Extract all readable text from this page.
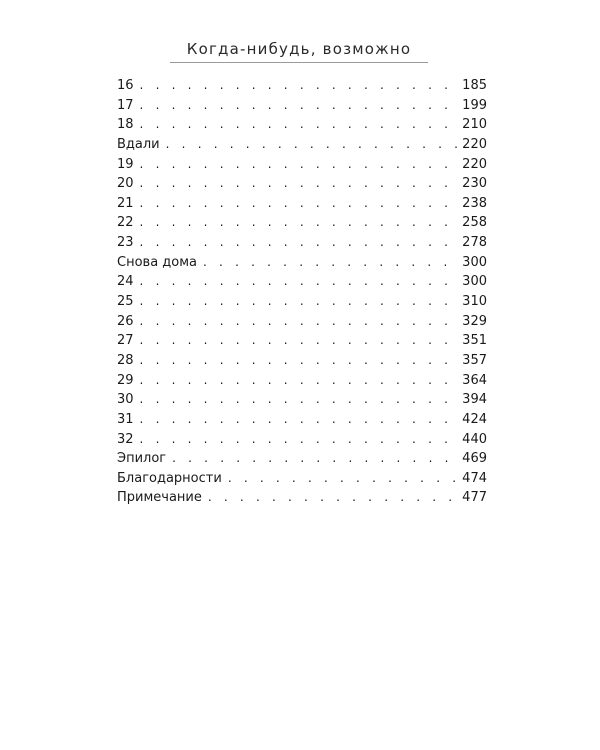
Когда-нибудь, возможно
16 . . .	185
17 . . .	199
18 . . .	210
Вдали . . .	220
19 . . .	220
20 . . .	230
21 . . .	238
22 . . .	258
23 . . .	278
Снова дома . . .	300
24 . . .	300
25 . . .	310
26 . . .	329
27 . . .	351
28 . . .	357
29 . . .	364
30 . . .	394
31 . . .	424
32 . . .	440
Эпилог . . .	469
Благодарности . . .	474
Примечание . . .	477
